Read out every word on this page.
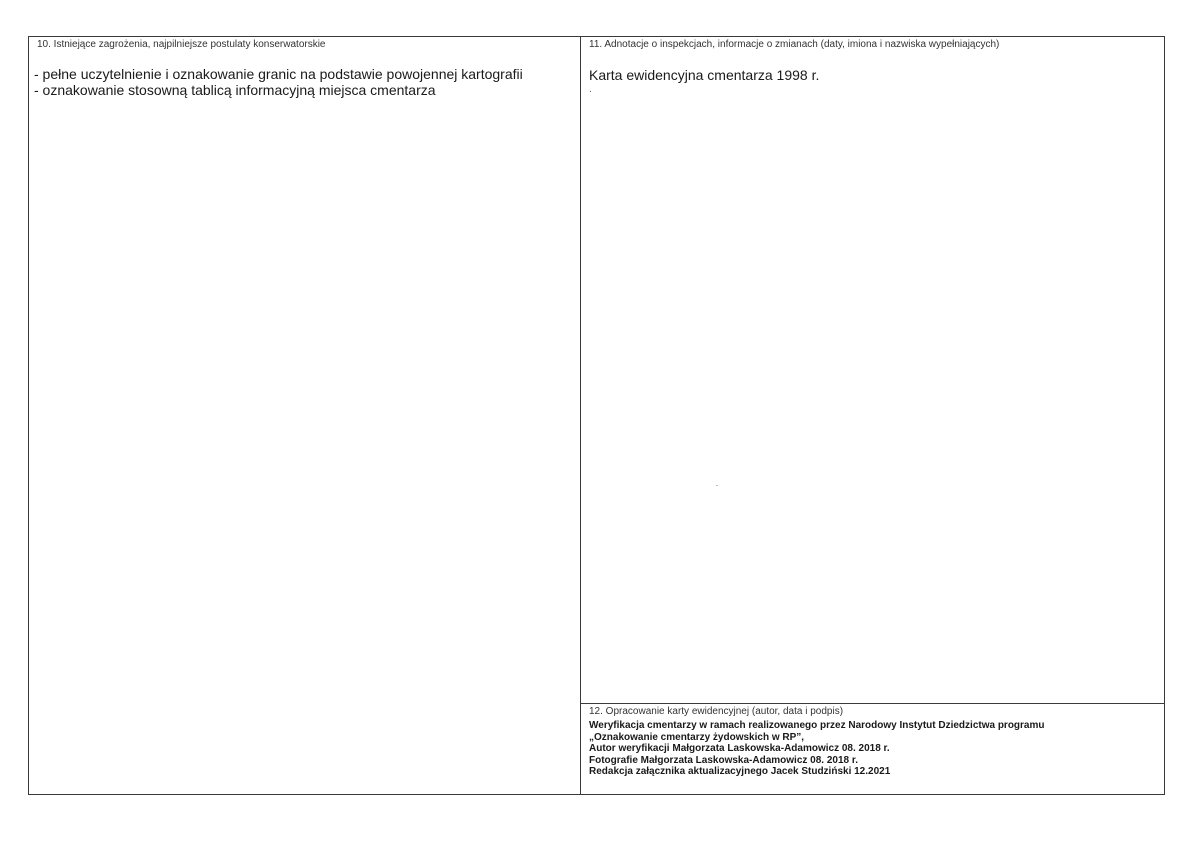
10. Istniejące zagrożenia, najpilniejsze postulaty konserwatorskie
- pełne uczytelnienie i oznakowanie granic na podstawie powojennej kartografii
- oznakowanie stosowną tablicą informacyjną miejsca cmentarza
11. Adnotacje o inspekcjach, informacje o zmianach (daty, imiona i nazwiska wypełniających)
Karta ewidencyjna cmentarza 1998 r.
.
12. Opracowanie karty ewidencyjnej (autor, data i podpis)
Weryfikacja cmentarzy w ramach realizowanego przez Narodowy Instytut Dziedzictwa programu
„Oznakowanie cmentarzy żydowskich w RP”,
Autor weryfikacji Małgorzata Laskowska-Adamowicz 08. 2018 r.
Fotografie Małgorzata Laskowska-Adamowicz 08. 2018 r.
Redakcja załącznika aktualizacyjnego Jacek Studziński 12.2021
